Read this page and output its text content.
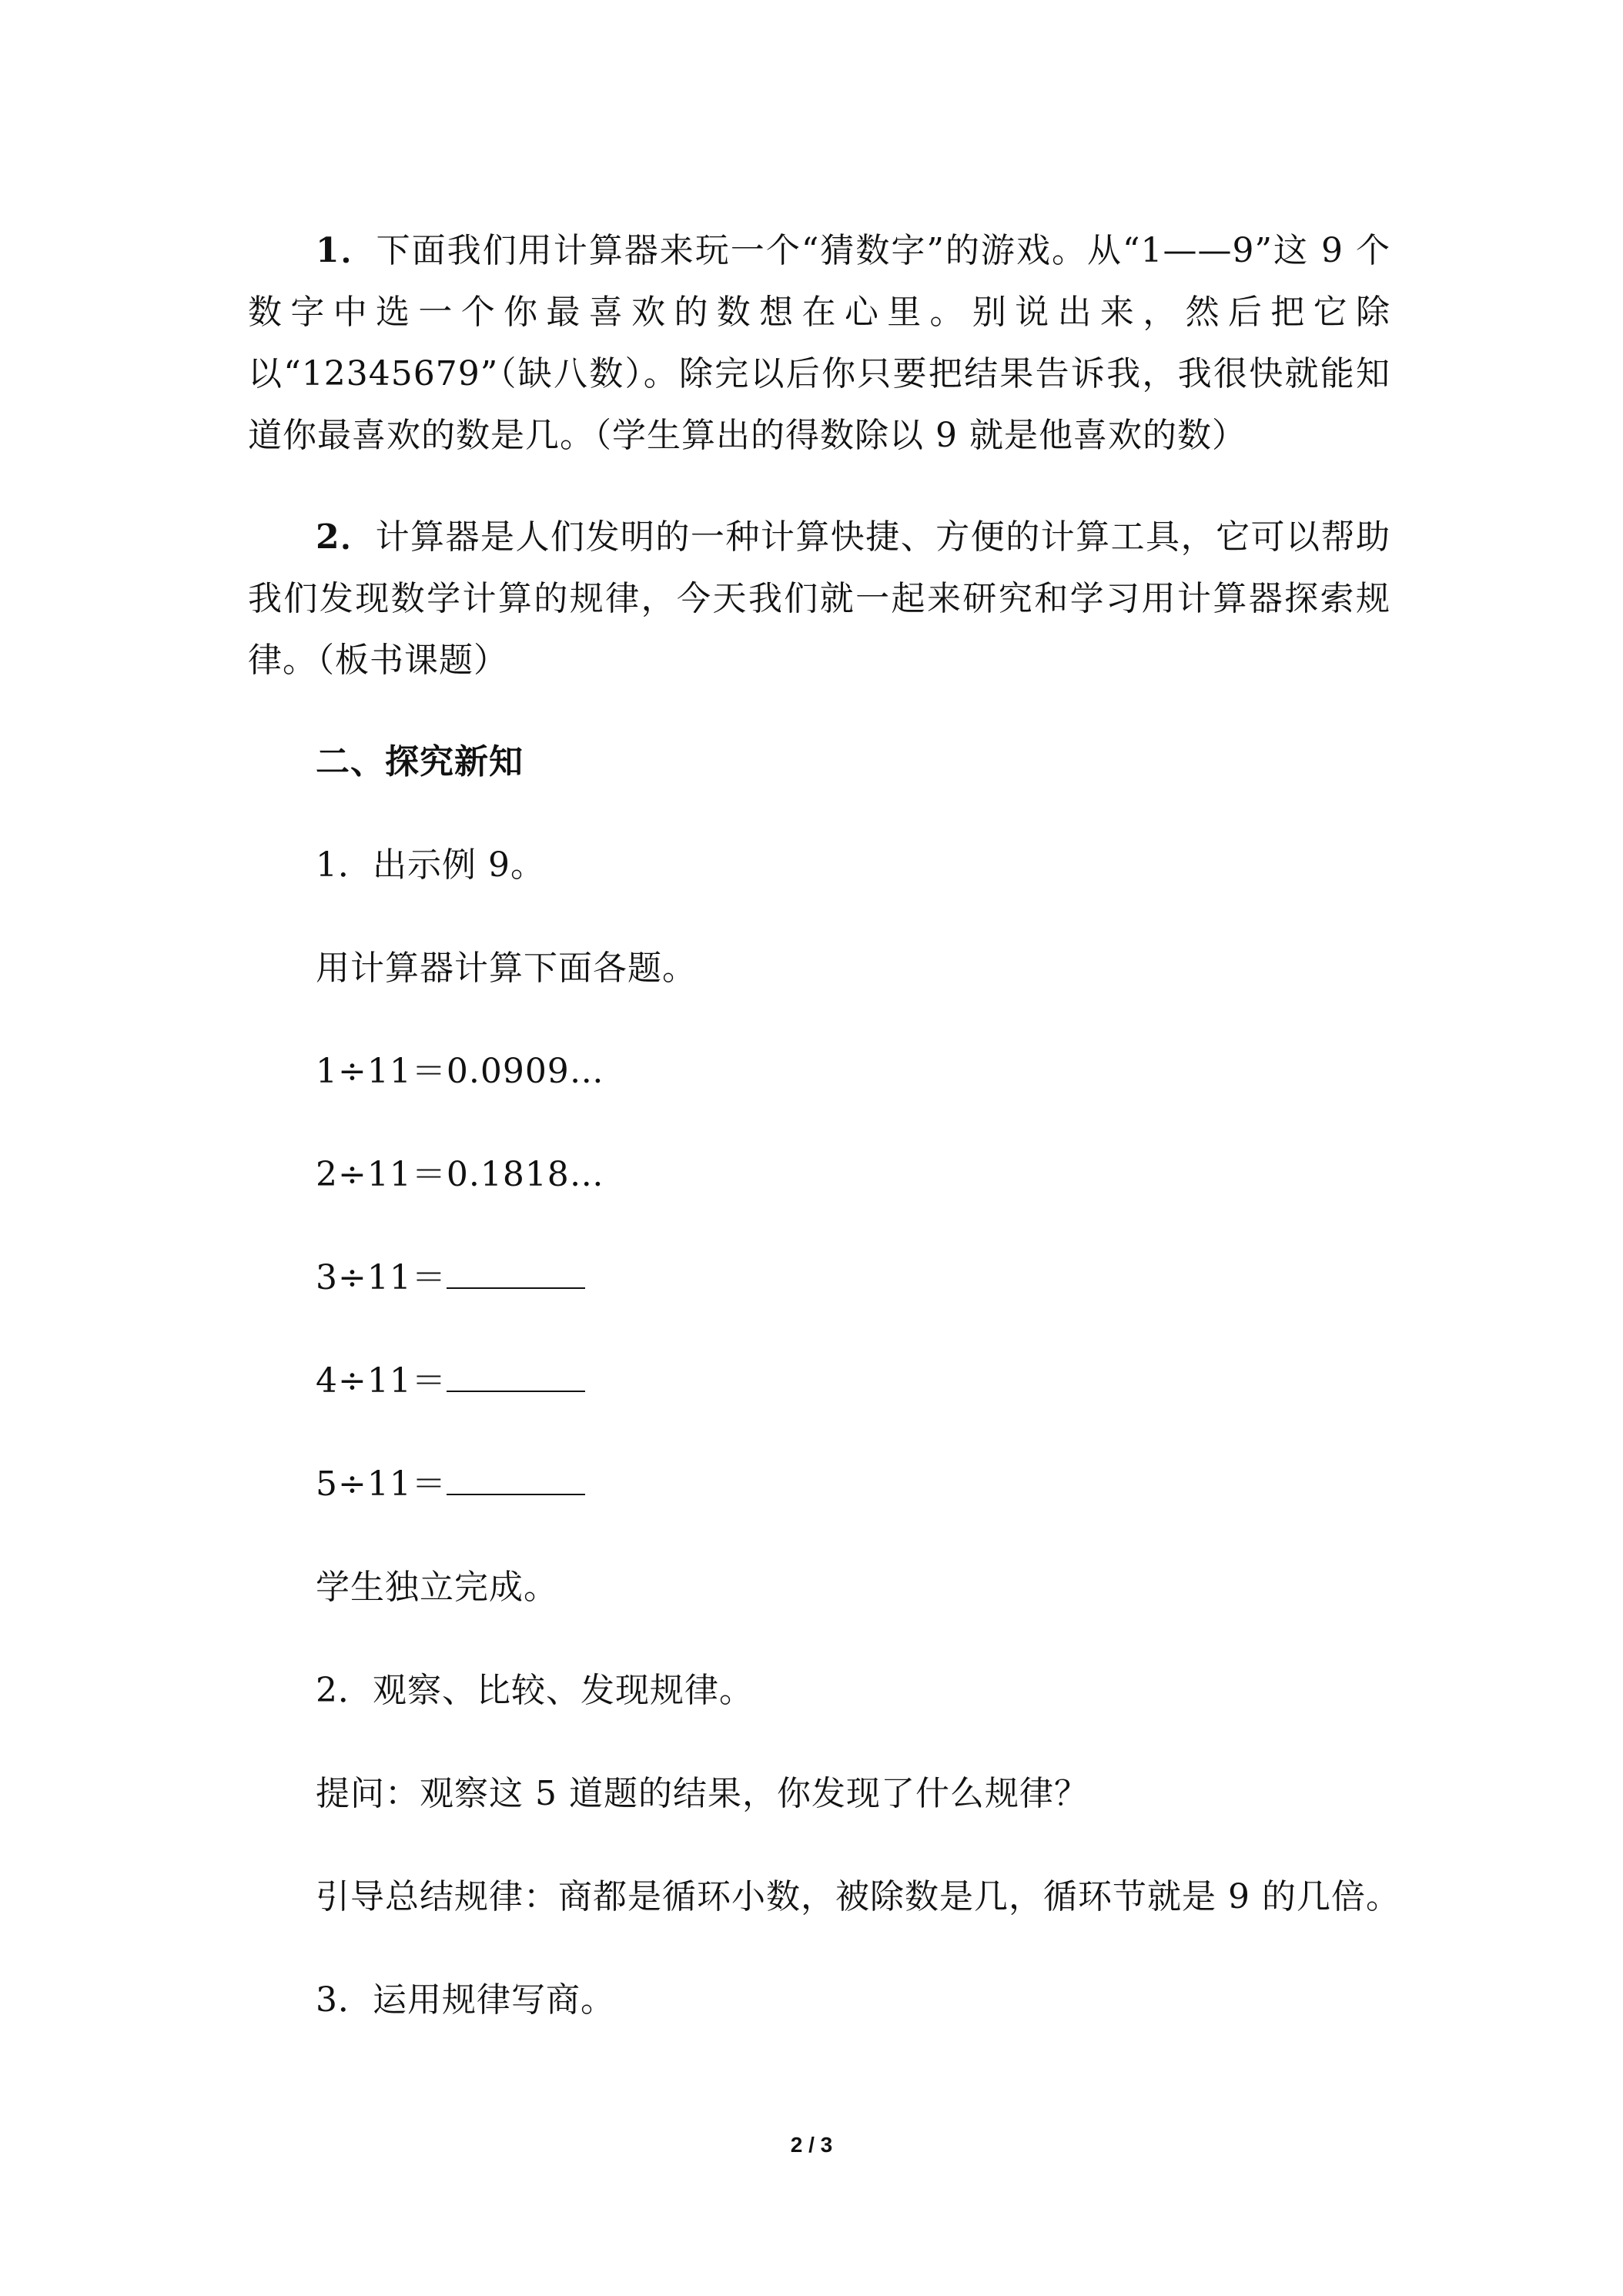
1．下面我们用计算器来玩一个“猜数字”的游戏。从“1——9”这 9 个数字中选一个你最喜欢的数想在心里。别说出来，然后把它除以“12345679”（缺八数）。除完以后你只要把结果告诉我，我很快就能知道你最喜欢的数是几。（学生算出的得数除以 9 就是他喜欢的数）

2．计算器是人们发明的一种计算快捷、方便的计算工具，它可以帮助我们发现数学计算的规律，今天我们就一起来研究和学习用计算器探索规律。（板书课题）

二、探究新知

1．出示例 9。

用计算器计算下面各题。

1÷11＝0.0909…

2÷11＝0.1818…

3÷11＝

4÷11＝

5÷11＝

学生独立完成。

2．观察、比较、发现规律。

提问：观察这 5 道题的结果，你发现了什么规律？

引导总结规律：商都是循环小数，被除数是几，循环节就是 9 的几倍。

3．运用规律写商。

2 / 3
